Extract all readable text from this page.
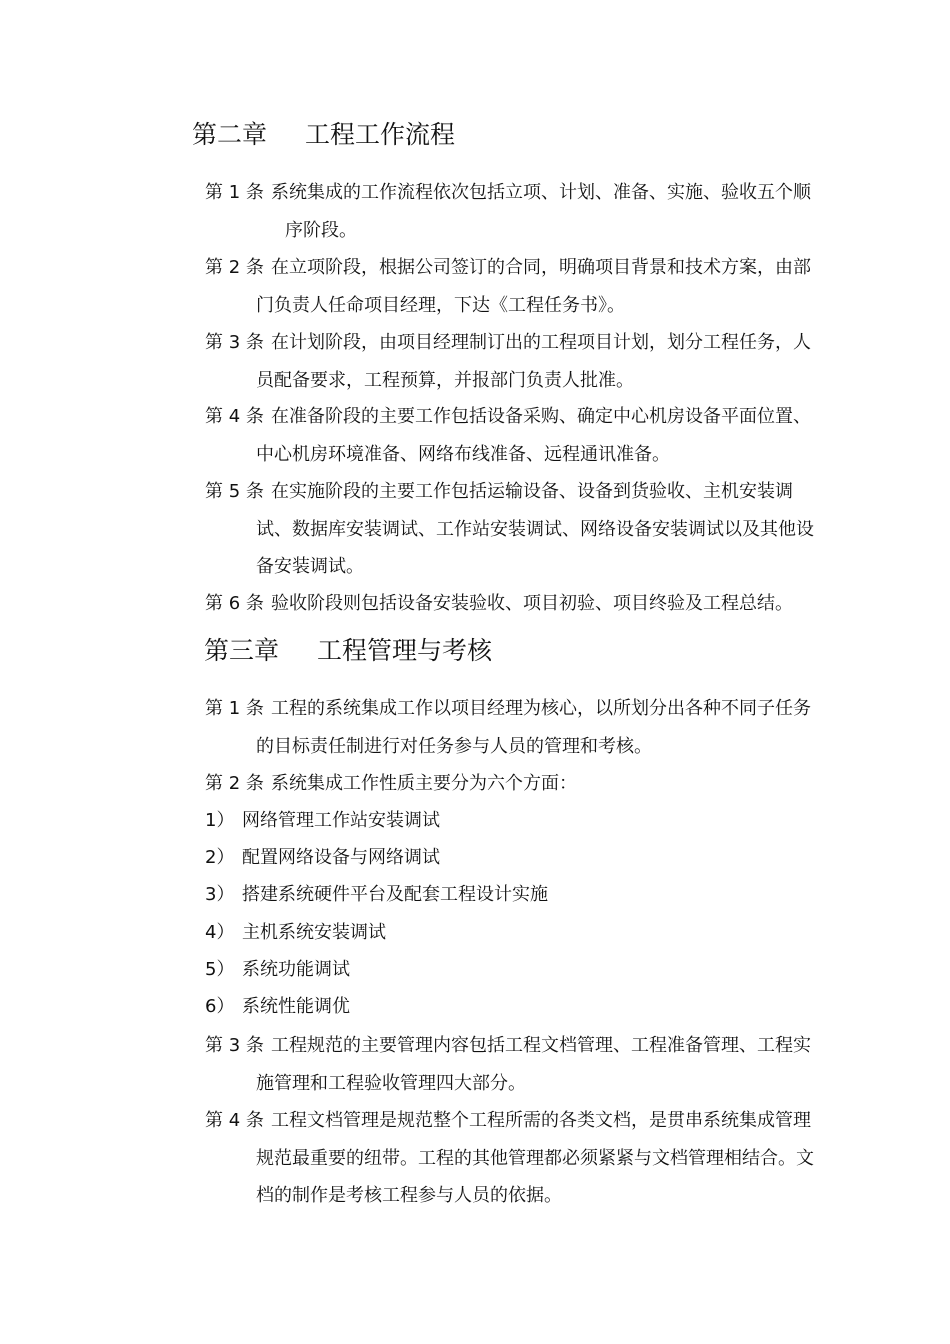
第二章 工程工作流程
第 1 条 系统集成的工作流程依次包括立项、计划、准备、实施、验收五个顺序阶段。
第 2 条 在立项阶段，根据公司签订的合同，明确项目背景和技术方案，由部门负责人任命项目经理，下达《工程任务书》。
第 3 条 在计划阶段，由项目经理制订出的工程项目计划，划分工程任务，人员配备要求，工程预算，并报部门负责人批准。
第 4 条 在准备阶段的主要工作包括设备采购、确定中心机房设备平面位置、中心机房环境准备、网络布线准备、远程通讯准备。
第 5 条 在实施阶段的主要工作包括运输设备、设备到货验收、主机安装调试、数据库安装调试、工作站安装调试、网络设备安装调试以及其他设备安装调试。
第 6 条 验收阶段则包括设备安装验收、项目初验、项目终验及工程总结。
第三章 工程管理与考核
第 1 条 工程的系统集成工作以项目经理为核心，以所划分出各种不同子任务的目标责任制进行对任务参与人员的管理和考核。
第 2 条 系统集成工作性质主要分为六个方面：
1） 网络管理工作站安装调试
2） 配置网络设备与网络调试
3） 搭建系统硬件平台及配套工程设计实施
4） 主机系统安装调试
5） 系统功能调试
6） 系统性能调优
第 3 条 工程规范的主要管理内容包括工程文档管理、工程准备管理、工程实施管理和工程验收管理四大部分。
第 4 条 工程文档管理是规范整个工程所需的各类文档，是贯串系统集成管理规范最重要的纽带。工程的其他管理都必须紧紧与文档管理相结合。文档的制作是考核工程参与人员的依据。
